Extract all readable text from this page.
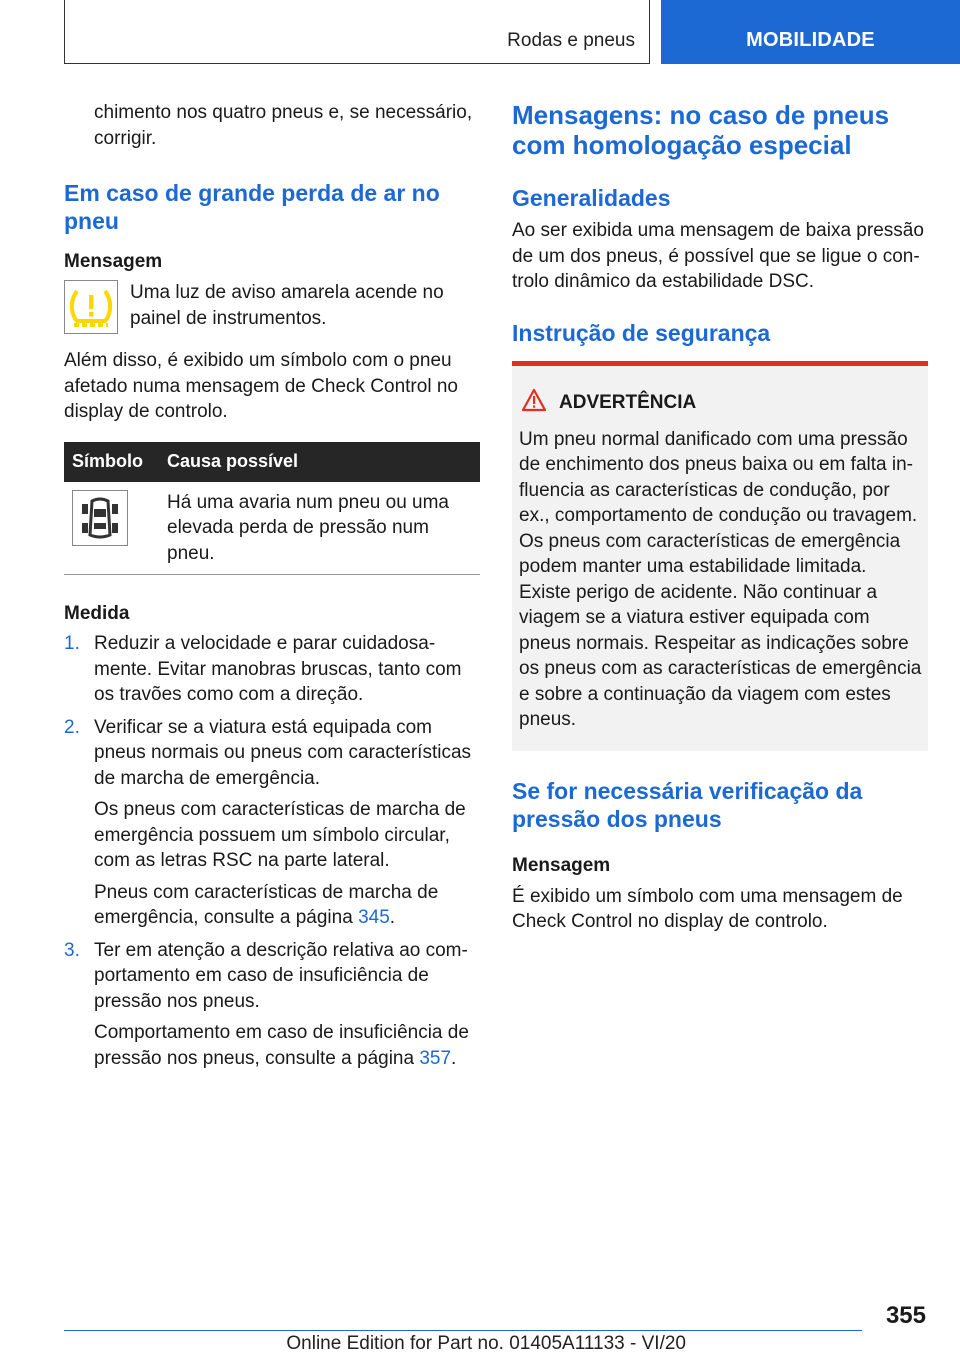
Rodas e pneus	MOBILIDADE

chimento nos quatro pneus e, se necessário, corrigir.

Em caso de grande perda de ar no pneu
Mensagem

Uma luz de aviso amarela acende no painel de instrumentos.

Além disso, é exibido um símbolo com o pneu afetado numa mensagem de Check Control no display de controlo.

Símbolo	Causa possível

	Há uma avaria num pneu ou uma elevada perda de pressão num pneu.
Medida
1. Reduzir a velocidade e parar cuidadosamente. Evitar manobras bruscas, tanto com os travões como com a direção.

2. Verificar se a viatura está equipada com pneus normais ou pneus com características de marcha de emergência.

Os pneus com características de marcha de emergência possuem um símbolo circular, com as letras RSC na parte lateral.

Pneus com características de marcha de emergência, consulte a página 345.

3. Ter em atenção a descrição relativa ao comportamento em caso de insuficiência de pressão nos pneus.

Comportamento em caso de insuficiência de pressão nos pneus, consulte a página 357.

Mensagens: no caso de pneus com homologação especial
Generalidades

Ao ser exibida uma mensagem de baixa pressão de um dos pneus, é possível que se ligue o controlo dinâmico da estabilidade DSC.

Instrução de segurança
ADVERTÊNCIA

Um pneu normal danificado com uma pressão de enchimento dos pneus baixa ou em falta influencia as características de condução, por ex., comportamento de condução ou travagem. Os pneus com características de emergência podem manter uma estabilidade limitada. Existe perigo de acidente. Não continuar a viagem se a viatura estiver equipada com pneus normais. Respeitar as indicações sobre os pneus com as características de emergência e sobre a continuação da viagem com estes pneus.

Se for necessária verificação da pressão dos pneus
Mensagem

É exibido um símbolo com uma mensagem de Check Control no display de controlo.

355
Online Edition for Part no. 01405A11133 - VI/20
